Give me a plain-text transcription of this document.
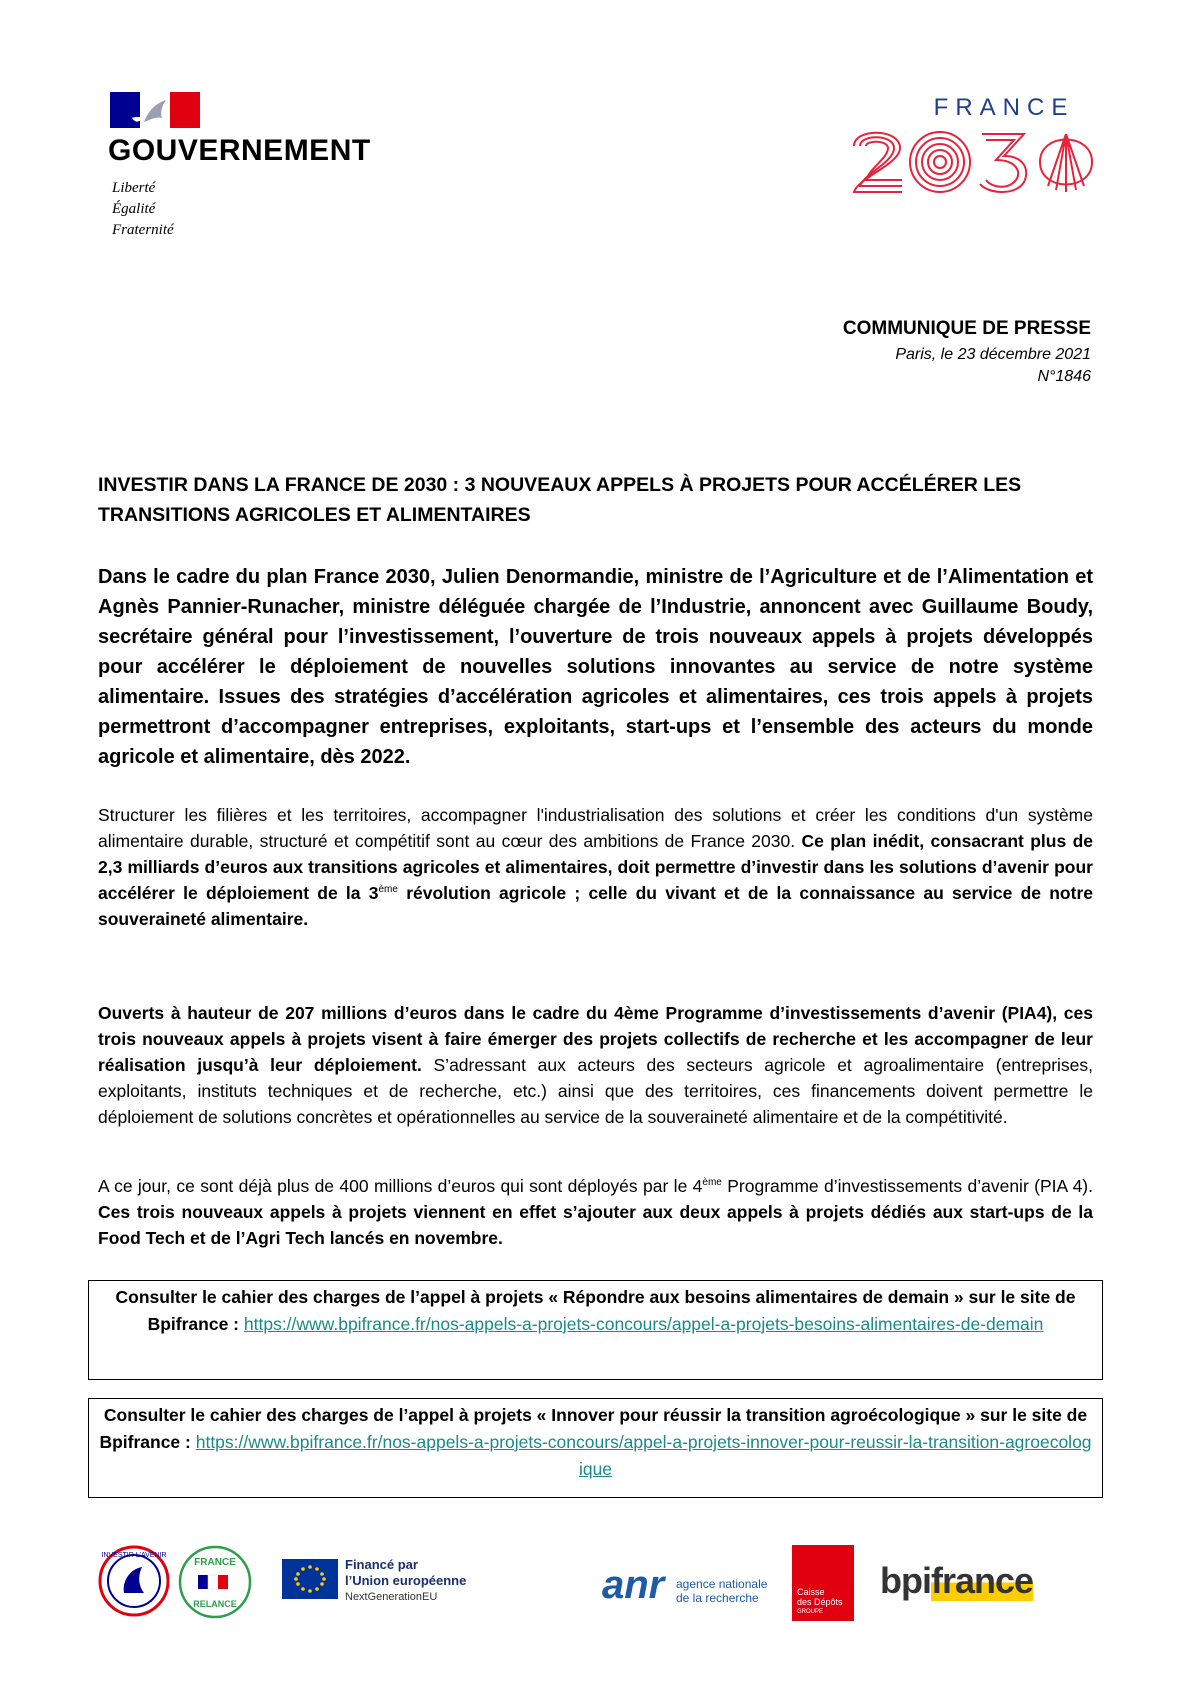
GOUVERNEMENT
Liberté
Égalité
Fraternité
FRANCE
2030
COMMUNIQUE DE PRESSE
Paris, le 23 décembre 2021
N°1846
INVESTIR DANS LA FRANCE DE 2030 : 3 NOUVEAUX APPELS À PROJETS POUR ACCÉLÉRER LES TRANSITIONS AGRICOLES ET ALIMENTAIRES
Dans le cadre du plan France 2030, Julien Denormandie, ministre de l’Agriculture et de l’Alimentation et Agnès Pannier-Runacher, ministre déléguée chargée de l’Industrie, annoncent avec Guillaume Boudy, secrétaire général pour l’investissement, l’ouverture de trois nouveaux appels à projets développés pour accélérer le déploiement de nouvelles solutions innovantes au service de notre système alimentaire. Issues des stratégies d’accélération agricoles et alimentaires, ces trois appels à projets permettront d’accompagner entreprises, exploitants, start-ups et l’ensemble des acteurs du monde agricole et alimentaire, dès 2022.
Structurer les filières et les territoires, accompagner l'industrialisation des solutions et créer les conditions d'un système alimentaire durable, structuré et compétitif sont au cœur des ambitions de France 2030. Ce plan inédit, consacrant plus de 2,3 milliards d’euros aux transitions agricoles et alimentaires, doit permettre d’investir dans les solutions d’avenir pour accélérer le déploiement de la 3ème révolution agricole ; celle du vivant et de la connaissance au service de notre souveraineté alimentaire.
Ouverts à hauteur de 207 millions d’euros dans le cadre du 4ème Programme d’investissements d’avenir (PIA4), ces trois nouveaux appels à projets visent à faire émerger des projets collectifs de recherche et les accompagner de leur réalisation jusqu’à leur déploiement. S’adressant aux acteurs des secteurs agricole et agroalimentaire (entreprises, exploitants, instituts techniques et de recherche, etc.) ainsi que des territoires, ces financements doivent permettre le déploiement de solutions concrètes et opérationnelles au service de la souveraineté alimentaire et de la compétitivité.
A ce jour, ce sont déjà plus de 400 millions d’euros qui sont déployés par le 4ème Programme d’investissements d’avenir (PIA 4). Ces trois nouveaux appels à projets viennent en effet s’ajouter aux deux appels à projets dédiés aux start-ups de la Food Tech et de l’Agri Tech lancés en novembre.
Consulter le cahier des charges de l’appel à projets « Répondre aux besoins alimentaires de demain » sur le site de Bpifrance : https://www.bpifrance.fr/nos-appels-a-projets-concours/appel-a-projets-besoins-alimentaires-de-demain
Consulter le cahier des charges de l’appel à projets « Innover pour réussir la transition agroécologique » sur le site de Bpifrance : https://www.bpifrance.fr/nos-appels-a-projets-concours/appel-a-projets-innover-pour-reussir-la-transition-agroecologique
INVESTIR L'AVENIR
FRANCE
RELANCE
Financé par
l’Union européenne
NextGenerationEU	anr agence nationale
de la recherche	Caisse
des Dépôts
GROUPE
bpifrance
